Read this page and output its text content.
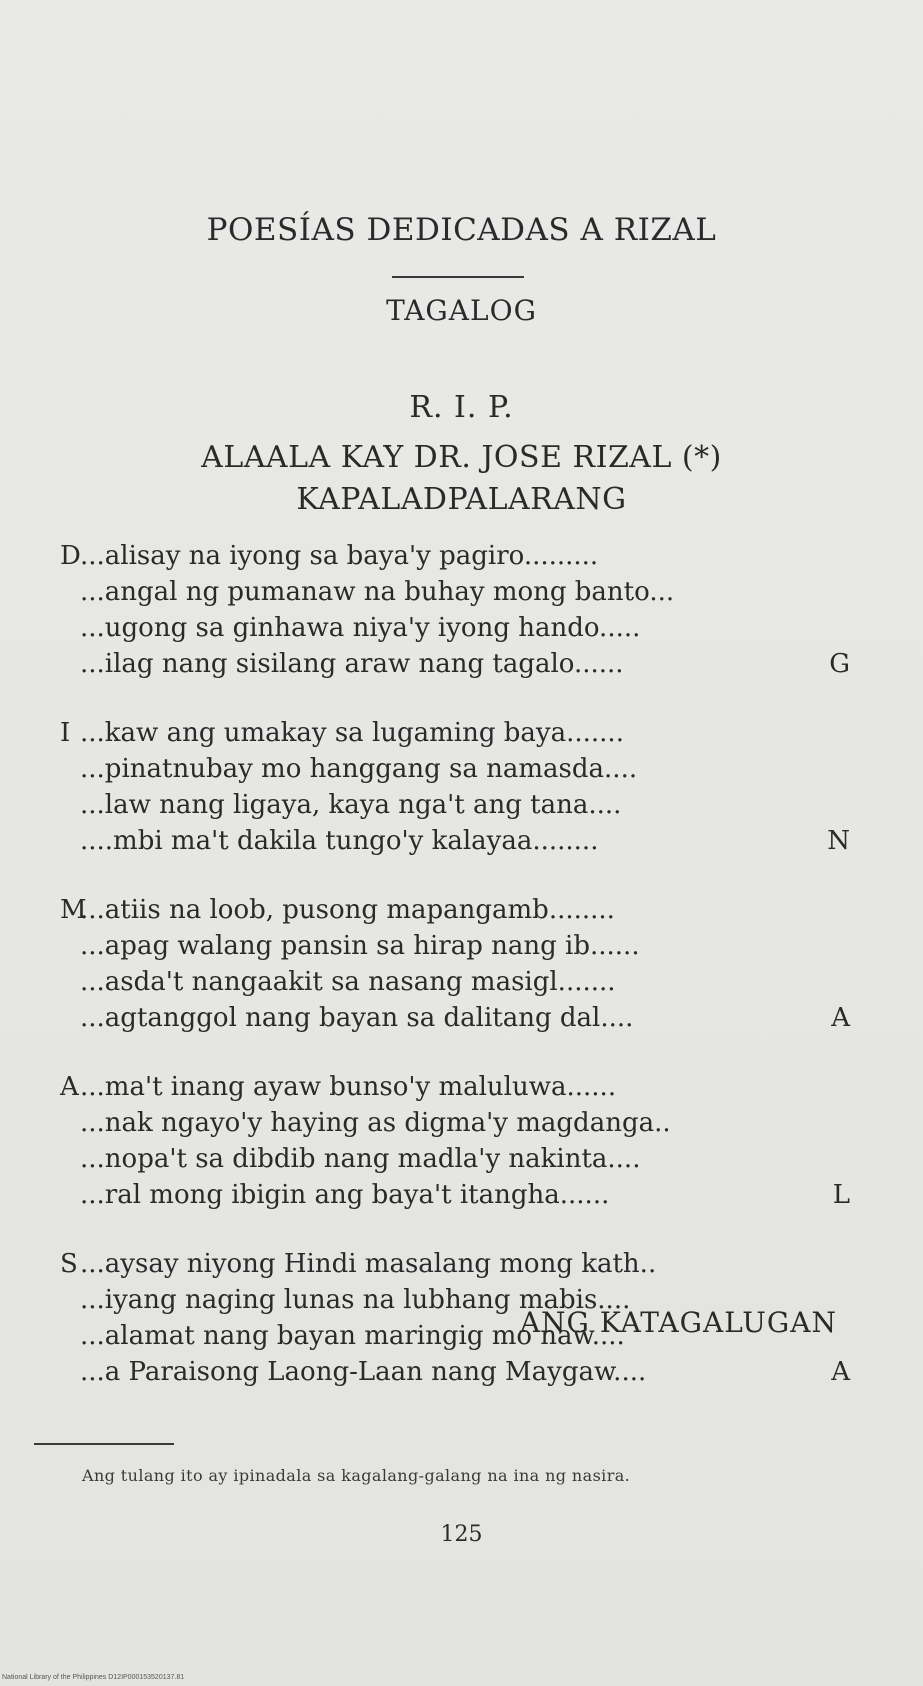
POESÍAS DEDICADAS A RIZAL
TAGALOG
R. I. P.
ALAALA KAY DR. JOSE RIZAL (*)
KAPALADPALARANG
D ...alisay na iyong sa baya'y pagiro.........
...angal ng pumanaw na buhay mong banto...
...ugong sa ginhawa niya'y iyong hando.....
...ilag nang sisilang araw nang tagalo......	G
I ...kaw ang umakay sa lugaming baya.......
...pinatnubay mo hanggang sa namasda....
...law nang ligaya, kaya nga't ang tana....
....mbi ma't dakila tungo'y kalayaa........	N
M
...atiis na loob, pusong mapangamb........
...apag walang pansin sa hirap nang ib......
...asda't nangaakit sa nasang masigl.......
...agtanggol nang bayan sa dalitang dal....	A
A ...ma't inang ayaw bunso'y maluluwa......
...nak ngayo'y haying as digma'y magdanga..
...nopa't sa dibdib nang madla'y nakinta....
...ral mong ibigin ang baya't itangha......	L
S ...aysay niyong Hindi masalang mong kath..
...iyang naging lunas na lubhang mabis....
...alamat nang bayan maringig mo naw....
...a Paraisong Laong-Laan nang Maygaw....	A
ANG KATAGALUGAN
Ang tulang ito ay ipinadala sa kagalang-galang na ina ng nasira.
125
National Library of the Philippines D12IP000153520137.81
